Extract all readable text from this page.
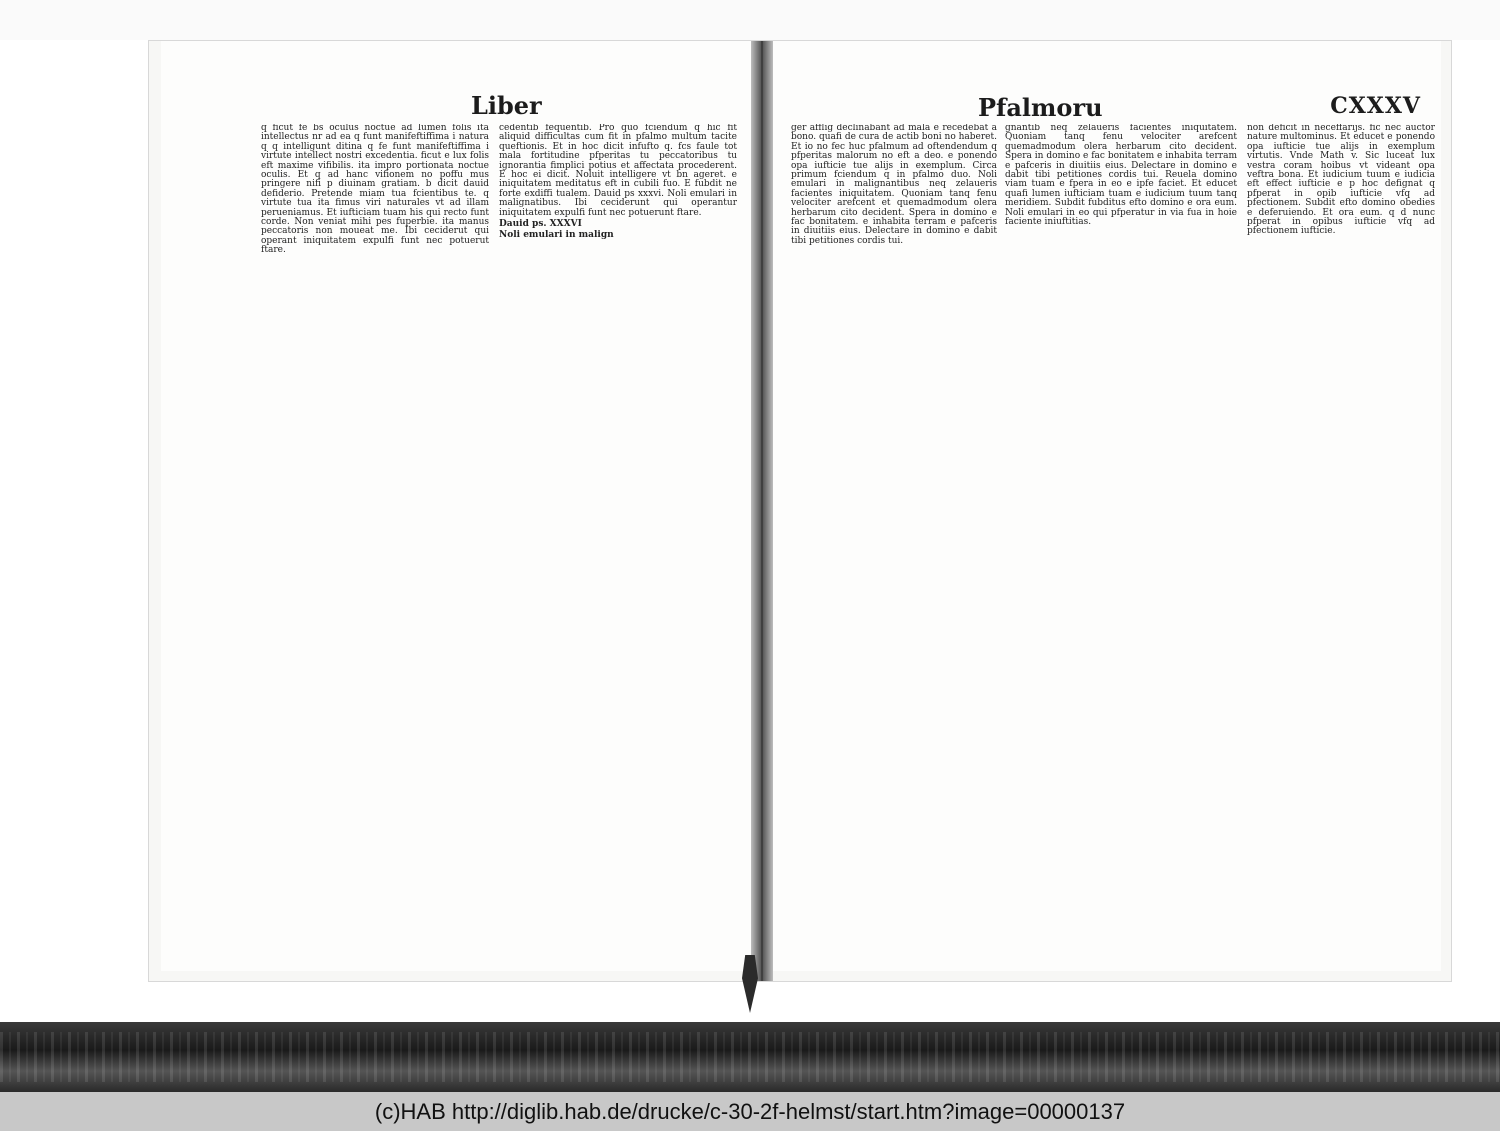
Liber

q ficut fe bs oculus noctue ad lumen folis ita intellectus nr ad ea q funt manifeftiffima i natura q q intelligunt ditina q fe funt manifeftiffima i virtute intellect nostri excedentia. ficut e lux folis eft maxime vifibilis. ita impro portionata noctue oculis. Et q ad hanc vifionem no poffu mus pringere nifi p diuinam gratiam. b dicit dauid defiderio. Pretende miam tua fcientibus te. q virtute tua ita fimus viri naturales vt ad illam perueniamus. Et iufticiam tuam his qui recto funt corde. Non veniat mihi pes fuperbie. ita manus peccatoris non moueat me. Ibi ceciderut qui operant iniquitatem expulfi funt nec potuerut ftare.

cedentib fequentib. Pro quo fciendum q hic fit aliquid difficultas cum fit in pfalmo multum tacite queftionis. Et in hoc dicit infufto q. fcs faule tot mala fortitudine pfperitas tu peccatoribus tu ignorantia fimplici potius et affectata procederent. E hoc ei dicit. Noluit intelligere vt bn ageret. e iniquitatem meditatus eft in cubili fuo. E fubdit ne forte exdiffi tualem. Dauid ps xxxvi. Noli emulari in malignatibus. Ibi ceciderunt qui operantur iniquitatem expulfi funt nec potuerunt ftare.

Dauid ps. XXXVI

Noli emulari in malign

Pfalmoru	CXXXV

ger afflig declinabant ad mala e recedebat a bono. quafi de cura de actib boni no haberet. Et io no fec huc pfalmum ad oftendendum q pfperitas malorum no eft a deo. e ponendo opa iufticie tue alijs in exemplum. Circa primum fciendum q in pfalmo duo. Noli emulari in malignantibus neq zelaueris facientes iniquitatem. Quoniam tanq fenu velociter arefcent et quemadmodum olera herbarum cito decident. Spera in domino e fac bonitatem. e inhabita terram e pafceris in diuitiis eius. Delectare in domino e dabit tibi petitiones cordis tui.

gnantib neq zelaueris facientes iniquitatem. Quoniam tanq fenu velociter arefcent quemadmodum olera herbarum cito decident. Spera in domino e fac bonitatem e inhabita terram e pafceris in diuitiis eius. Delectare in domino e dabit tibi petitiones cordis tui. Reuela domino viam tuam e fpera in eo e ipfe faciet. Et educet quafi lumen iufticiam tuam e iudicium tuum tanq meridiem. Subdit fubditus efto domino e ora eum. Noli emulari in eo qui pfperatur in via fua in hoie faciente iniuftitias.

non deficit in neceffarijs. fic nec auctor nature multominus. Et educet e ponendo opa iufticie tue alijs in exemplum virtutis. Vnde Math v. Sic luceat lux vestra coram hoibus vt videant opa veftra bona. Et iudicium tuum e iudicia eft effect iufticie e p hoc defignat q pfperat in opib iufticie vfq ad pfectionem. Subdit efto domino obedies e deferuiendo. Et ora eum. q d nunc pfperat in opibus iufticie vfq ad pfectionem iufticie.

(c)HAB http://diglib.hab.de/drucke/c-30-2f-helmst/start.htm?image=00000137
